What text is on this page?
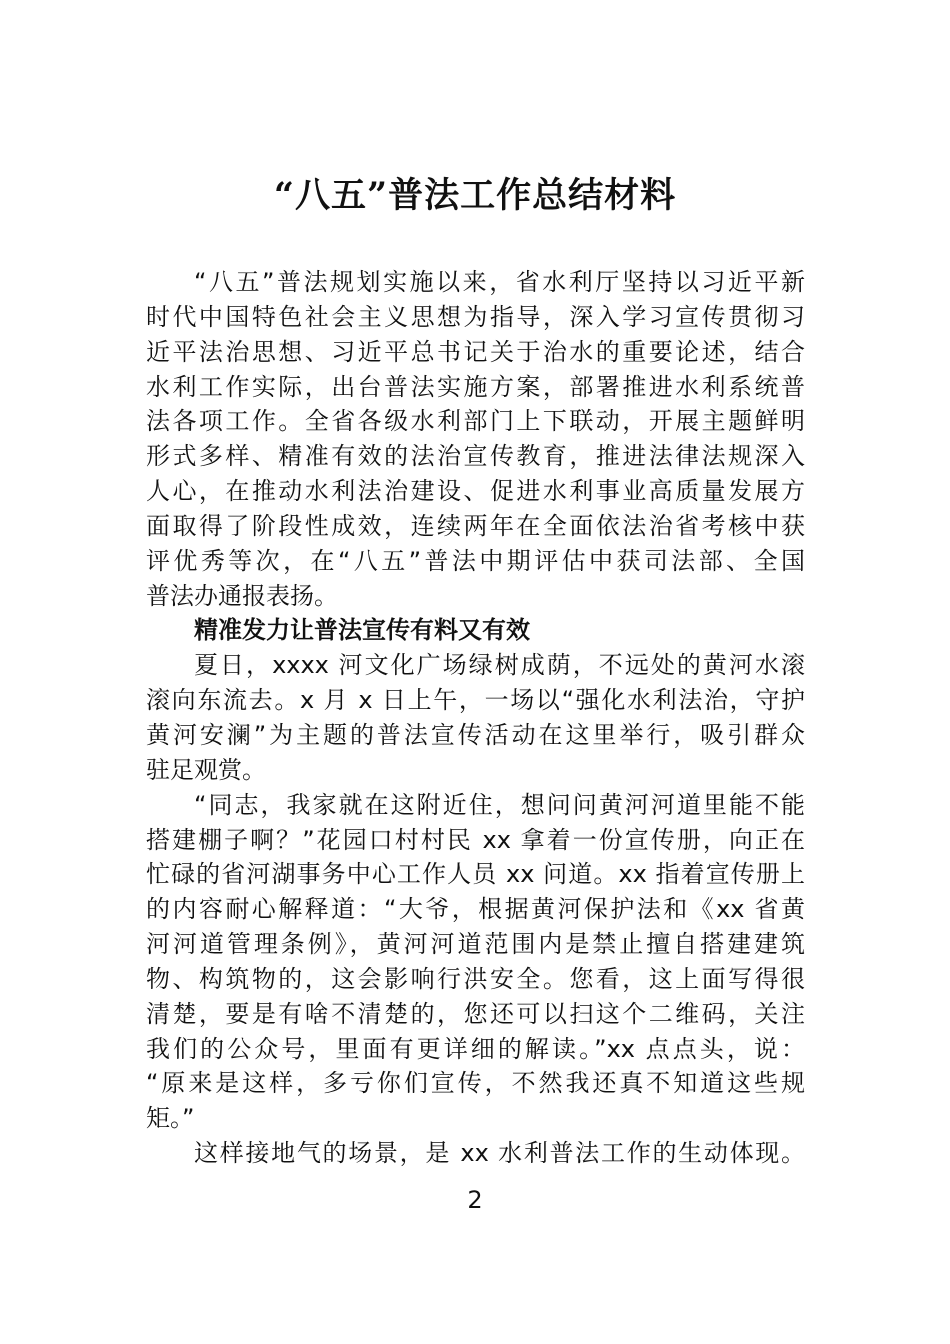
“八五”普法工作总结材料
“八五”普法规划实施以来，省水利厅坚持以习近平新
时代中国特色社会主义思想为指导，深入学习宣传贯彻习
近平法治思想、习近平总书记关于治水的重要论述，结合
水利工作实际，出台普法实施方案，部署推进水利系统普
法各项工作。全省各级水利部门上下联动，开展主题鲜明
形式多样、精准有效的法治宣传教育，推进法律法规深入
人心，在推动水利法治建设、促进水利事业高质量发展方
面取得了阶段性成效，连续两年在全面依法治省考核中获
评优秀等次，在“八五”普法中期评估中获司法部、全国
普法办通报表扬。
精准发力让普法宣传有料又有效
夏日，xxxx 河文化广场绿树成荫，不远处的黄河水滚
滚向东流去。x 月 x 日上午，一场以“强化水利法治，守护
黄河安澜”为主题的普法宣传活动在这里举行，吸引群众
驻足观赏。
“同志，我家就在这附近住，想问问黄河河道里能不能
搭建棚子啊？”花园口村村民 xx 拿着一份宣传册，向正在
忙碌的省河湖事务中心工作人员 xx 问道。xx 指着宣传册上
的内容耐心解释道：“大爷，根据黄河保护法和《xx 省黄
河河道管理条例》，黄河河道范围内是禁止擅自搭建建筑
物、构筑物的，这会影响行洪安全。您看，这上面写得很
清楚，要是有啥不清楚的，您还可以扫这个二维码，关注
我们的公众号，里面有更详细的解读。”xx 点点头，说：
“原来是这样，多亏你们宣传，不然我还真不知道这些规
矩。”
这样接地气的场景，是 xx 水利普法工作的生动体现。
2
